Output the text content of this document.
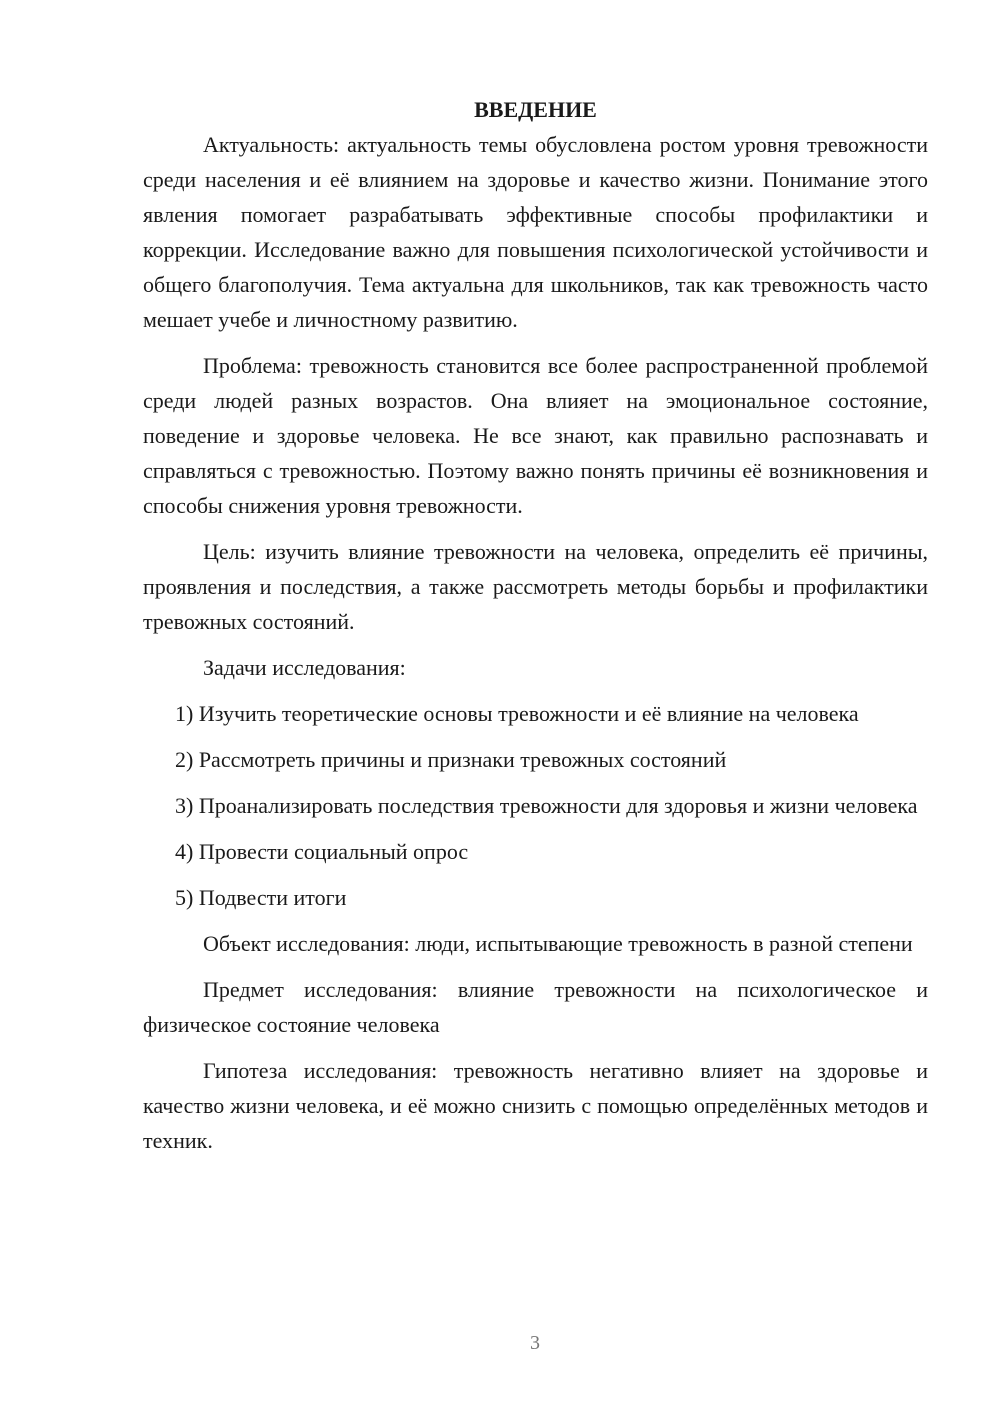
ВВЕДЕНИЕ

Актуальность: актуальность темы обусловлена ростом уровня тревожности среди населения и её влиянием на здоровье и качество жизни. Понимание этого явления помогает разрабатывать эффективные способы профилактики и коррекции. Исследование важно для повышения психологической устойчивости и общего благополучия. Тема актуальна для школьников, так как тревожность часто мешает учебе и личностному развитию.

Проблема: тревожность становится все более распространенной проблемой среди людей разных возрастов. Она влияет на эмоциональное состояние, поведение и здоровье человека. Не все знают, как правильно распознавать и справляться с тревожностью. Поэтому важно понять причины её возникновения и способы снижения уровня тревожности.

Цель: изучить влияние тревожности на человека, определить её причины, проявления и последствия, а также рассмотреть методы борьбы и профилактики тревожных состояний.

Задачи исследования:

1) Изучить теоретические основы тревожности и её влияние на человека

2) Рассмотреть причины и признаки тревожных состояний

3) Проанализировать последствия тревожности для здоровья и жизни человека

4) Провести социальный опрос

5) Подвести итоги

Объект исследования: люди, испытывающие тревожность в разной степени

Предмет исследования: влияние тревожности на психологическое и физическое состояние человека

Гипотеза исследования: тревожность негативно влияет на здоровье и качество жизни человека, и её можно снизить с помощью определённых методов и техник.

3
